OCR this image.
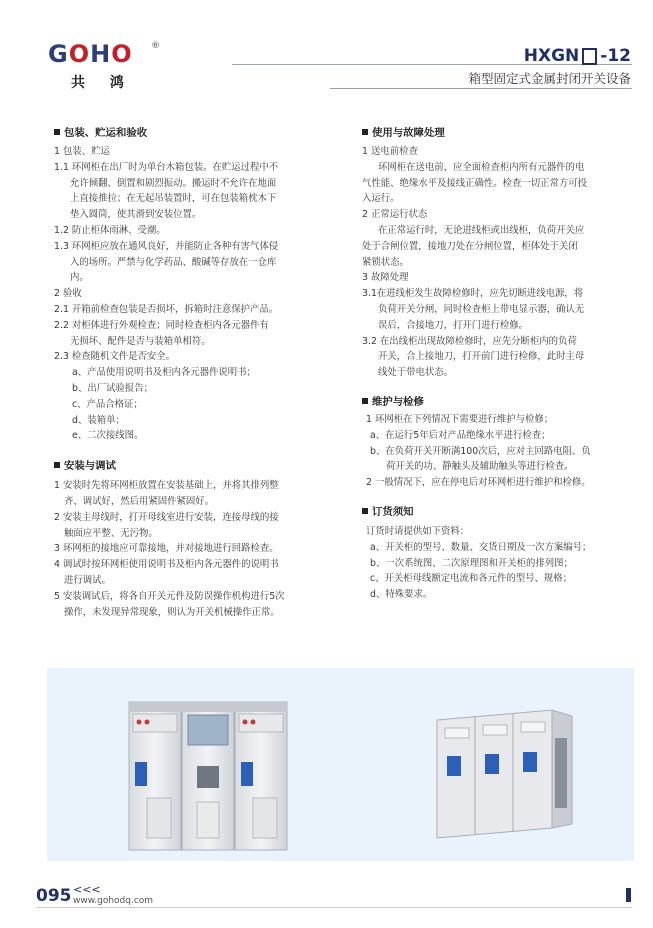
GOHO ®
共 鸿
HXGN -12
箱型固定式金属封闭开关设备
包装、贮运和验收
1 包装、贮运
1.1 环网柜在出厂时为单台木箱包装。在贮运过程中不
允许倾翻、倒置和剧烈振动。搬运时不允许在地面
上直接推拉；在无起吊装置时，可在包装箱枕木下
垫入圆筒，使其滑到安装位置。
1.2 防止柜体雨淋、受潮。
1.3 环网柜应放在通风良好，并能防止各种有害气体侵
入的场所。严禁与化学药品、酸碱等存放在一仓库
内。
2 验收
2.1 开箱前检查包装是否损坏，拆箱时注意保护产品。
2.2 对柜体进行外观检查；同时检查柜内各元器件有
无损坏、配件是否与装箱单相符。
2.3 检查随机文件是否安全。
a、产品使用说明书及柜内各元器件说明书；
b、出厂试验报告；
c、产品合格证；
d、装箱单；
e、二次接线图。
安装与调试
1 安装时先将环网柜放置在安装基础上，并将其排列整
齐、调试好，然后用紧固件紧固好。
2 安装主母线时，打开母线室进行安装，连接母线的接
触面应平整、无污物。
3 环网柜的接地应可靠接地，并对接地进行回路检查。
4 调试时按环网柜使用说明书及柜内各元器件的说明书
进行调试。
5 安装调试后，将各自开关元件及防误操作机构进行5次
操作，未发现异常现象，则认为开关机械操作正常。
使用与故障处理
1 送电前检查
环网柜在送电前，应全面检查柜内所有元器件的电
气性能、绝缘水平及接线正确性。检查一切正常方可投
入运行。
2 正常运行状态
在正常运行时，无论进线柜或出线柜，负荷开关应
处于合闸位置，接地刀处在分闸位置，柜体处于关闭
紧锁状态。
3 故障处理
3.1在进线柜发生故障检修时，应先切断进线电源，将
负荷开关分闸，同时检查柜上带电显示器，确认无
误后，合接地刀，打开门进行检修。
3.2 在出线柜出现故障检修时，应先分断柜内的负荷
开关，合上接地刀，打开前门进行检修，此时主母
线处于带电状态。
维护与检修
1 环网柜在下列情况下需要进行维护与检修；
a、在运行5年后对产品绝缘水平进行检查；
b、在负荷开关开断满100次后，应对主回路电阻、负
荷开关的功、静触头及辅助触头等进行检查。
2 一般情况下，应在停电后对环网柜进行维护和检修。
订货须知
订货时请提供如下资料：
a、开关柜的型号、数量、交货日期及一次方案编号；
b、一次系统图、二次原理图和开关柜的排列图；
c、开关柜母线额定电流和各元件的型号、规格；
d、特殊要求。
095 <<<
www.gohodq.com
